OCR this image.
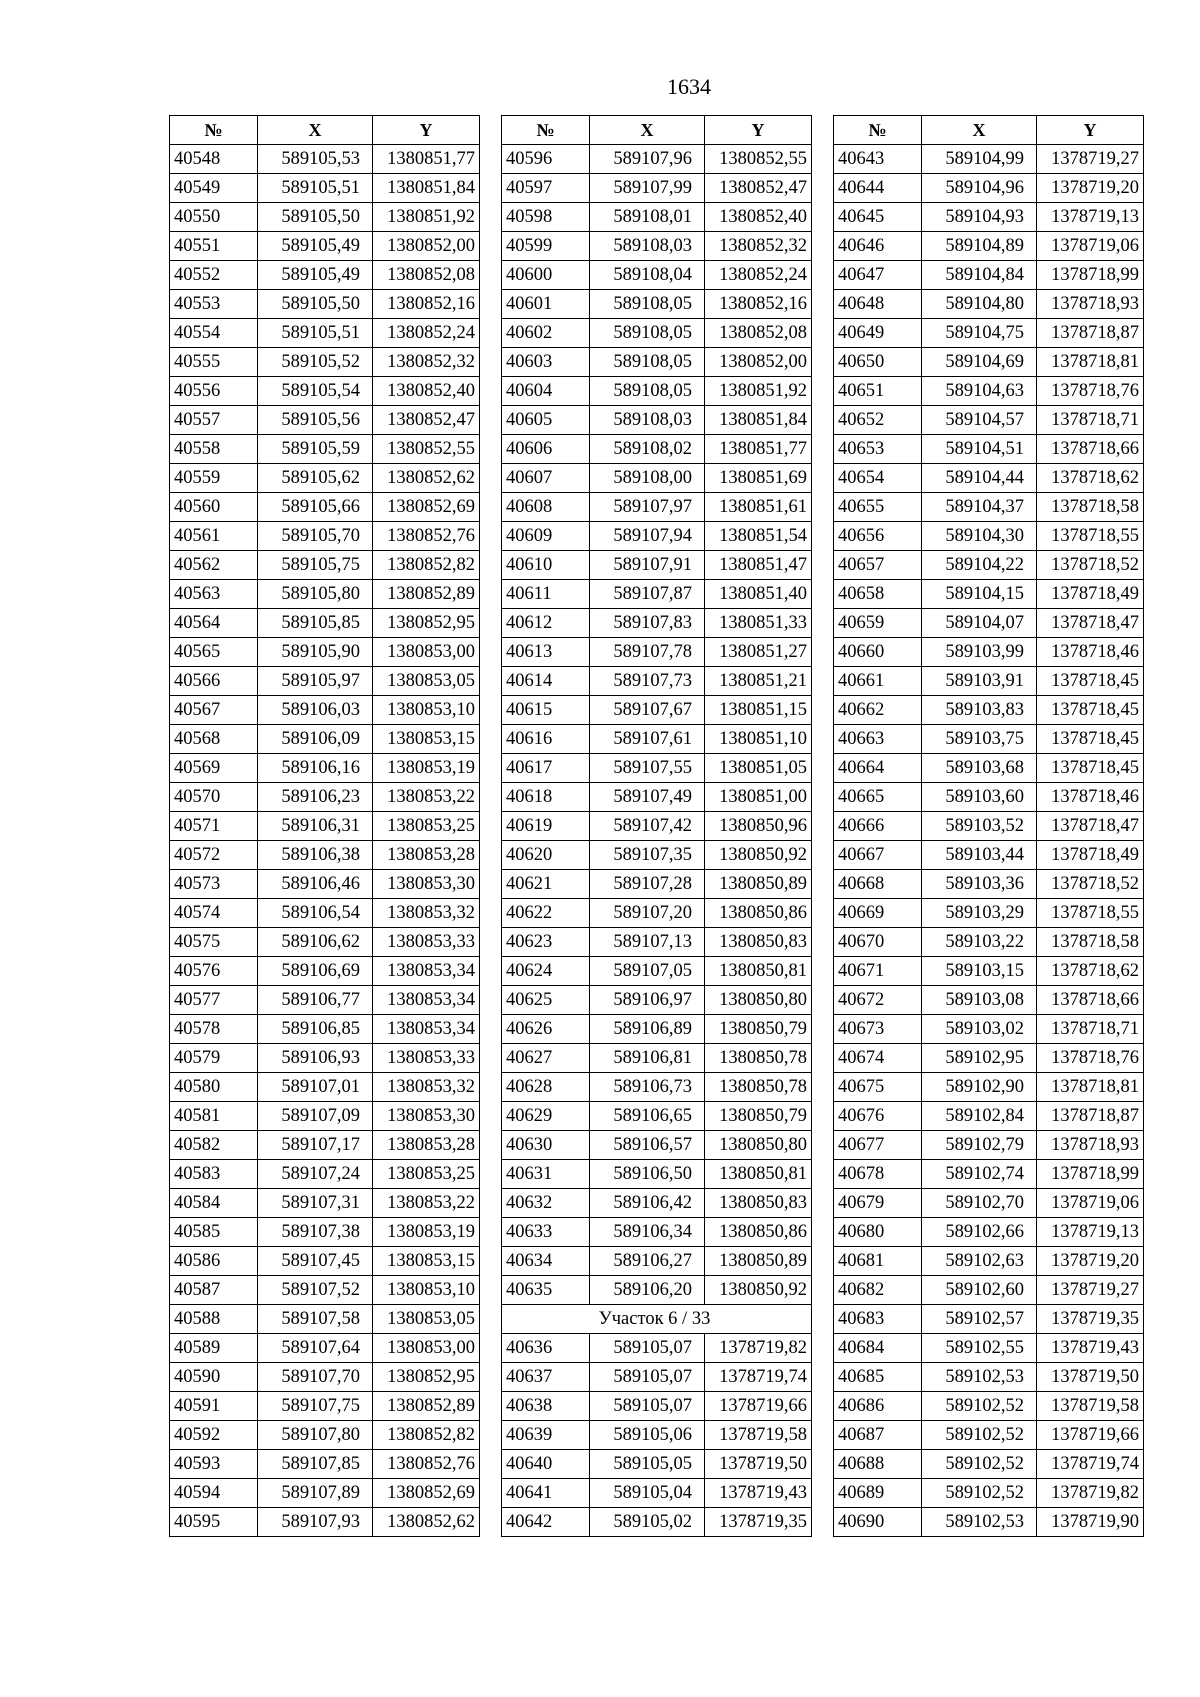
1634
№	X	Y
40548	589105,53	1380851,77
40549	589105,51	1380851,84
40550	589105,50	1380851,92
40551	589105,49	1380852,00
40552	589105,49	1380852,08
40553	589105,50	1380852,16
40554	589105,51	1380852,24
40555	589105,52	1380852,32
40556	589105,54	1380852,40
40557	589105,56	1380852,47
40558	589105,59	1380852,55
40559	589105,62	1380852,62
40560	589105,66	1380852,69
40561	589105,70	1380852,76
40562	589105,75	1380852,82
40563	589105,80	1380852,89
40564	589105,85	1380852,95
40565	589105,90	1380853,00
40566	589105,97	1380853,05
40567	589106,03	1380853,10
40568	589106,09	1380853,15
40569	589106,16	1380853,19
40570	589106,23	1380853,22
40571	589106,31	1380853,25
40572	589106,38	1380853,28
40573	589106,46	1380853,30
40574	589106,54	1380853,32
40575	589106,62	1380853,33
40576	589106,69	1380853,34
40577	589106,77	1380853,34
40578	589106,85	1380853,34
40579	589106,93	1380853,33
40580	589107,01	1380853,32
40581	589107,09	1380853,30
40582	589107,17	1380853,28
40583	589107,24	1380853,25
40584	589107,31	1380853,22
40585	589107,38	1380853,19
40586	589107,45	1380853,15
40587	589107,52	1380853,10
40588	589107,58	1380853,05
40589	589107,64	1380853,00
40590	589107,70	1380852,95
40591	589107,75	1380852,89
40592	589107,80	1380852,82
40593	589107,85	1380852,76
40594	589107,89	1380852,69
40595	589107,93	1380852,62
№	X	Y
40596	589107,96	1380852,55
40597	589107,99	1380852,47
40598	589108,01	1380852,40
40599	589108,03	1380852,32
40600	589108,04	1380852,24
40601	589108,05	1380852,16
40602	589108,05	1380852,08
40603	589108,05	1380852,00
40604	589108,05	1380851,92
40605	589108,03	1380851,84
40606	589108,02	1380851,77
40607	589108,00	1380851,69
40608	589107,97	1380851,61
40609	589107,94	1380851,54
40610	589107,91	1380851,47
40611	589107,87	1380851,40
40612	589107,83	1380851,33
40613	589107,78	1380851,27
40614	589107,73	1380851,21
40615	589107,67	1380851,15
40616	589107,61	1380851,10
40617	589107,55	1380851,05
40618	589107,49	1380851,00
40619	589107,42	1380850,96
40620	589107,35	1380850,92
40621	589107,28	1380850,89
40622	589107,20	1380850,86
40623	589107,13	1380850,83
40624	589107,05	1380850,81
40625	589106,97	1380850,80
40626	589106,89	1380850,79
40627	589106,81	1380850,78
40628	589106,73	1380850,78
40629	589106,65	1380850,79
40630	589106,57	1380850,80
40631	589106,50	1380850,81
40632	589106,42	1380850,83
40633	589106,34	1380850,86
40634	589106,27	1380850,89
40635	589106,20	1380850,92
Участок 6 / 33		
40636	589105,07	1378719,82
40637	589105,07	1378719,74
40638	589105,07	1378719,66
40639	589105,06	1378719,58
40640	589105,05	1378719,50
40641	589105,04	1378719,43
40642	589105,02	1378719,35
№	X	Y
40643	589104,99	1378719,27
40644	589104,96	1378719,20
40645	589104,93	1378719,13
40646	589104,89	1378719,06
40647	589104,84	1378718,99
40648	589104,80	1378718,93
40649	589104,75	1378718,87
40650	589104,69	1378718,81
40651	589104,63	1378718,76
40652	589104,57	1378718,71
40653	589104,51	1378718,66
40654	589104,44	1378718,62
40655	589104,37	1378718,58
40656	589104,30	1378718,55
40657	589104,22	1378718,52
40658	589104,15	1378718,49
40659	589104,07	1378718,47
40660	589103,99	1378718,46
40661	589103,91	1378718,45
40662	589103,83	1378718,45
40663	589103,75	1378718,45
40664	589103,68	1378718,45
40665	589103,60	1378718,46
40666	589103,52	1378718,47
40667	589103,44	1378718,49
40668	589103,36	1378718,52
40669	589103,29	1378718,55
40670	589103,22	1378718,58
40671	589103,15	1378718,62
40672	589103,08	1378718,66
40673	589103,02	1378718,71
40674	589102,95	1378718,76
40675	589102,90	1378718,81
40676	589102,84	1378718,87
40677	589102,79	1378718,93
40678	589102,74	1378718,99
40679	589102,70	1378719,06
40680	589102,66	1378719,13
40681	589102,63	1378719,20
40682	589102,60	1378719,27
40683	589102,57	1378719,35
40684	589102,55	1378719,43
40685	589102,53	1378719,50
40686	589102,52	1378719,58
40687	589102,52	1378719,66
40688	589102,52	1378719,74
40689	589102,52	1378719,82
40690	589102,53	1378719,90
